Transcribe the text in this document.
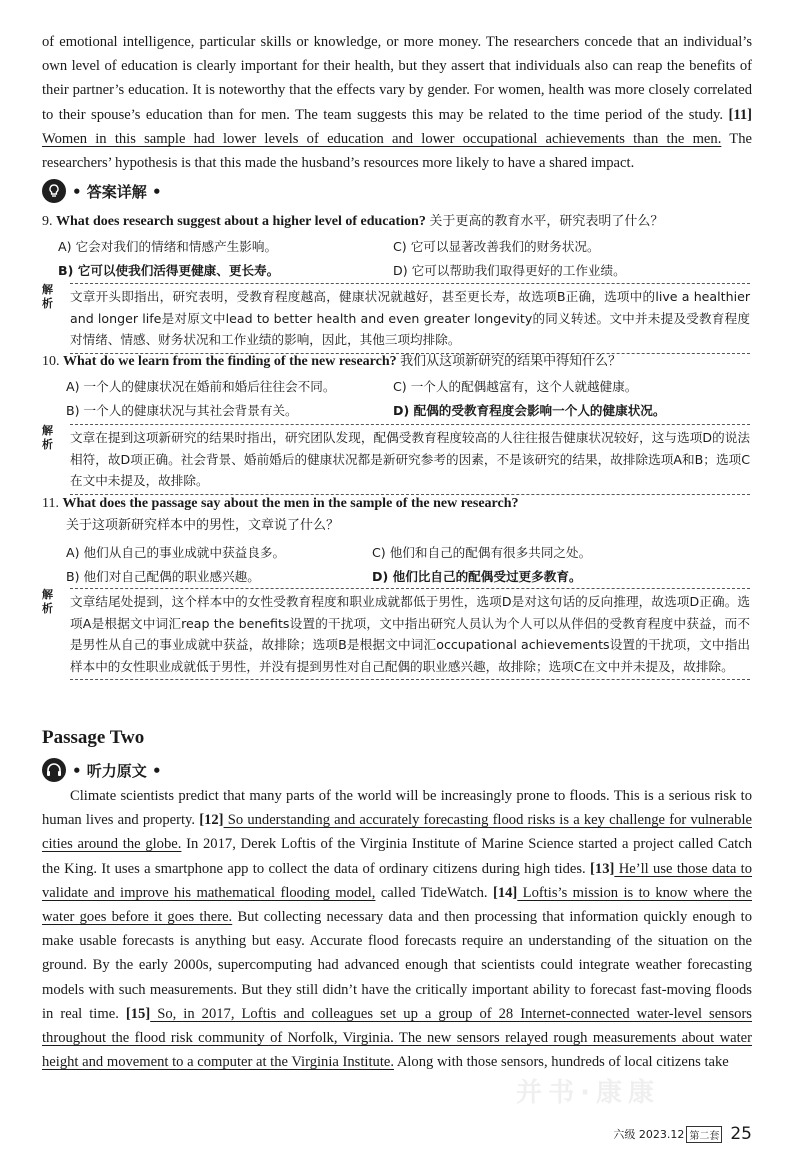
of emotional intelligence, particular skills or knowledge, or more money. The researchers concede that an individual’s own level of education is clearly important for their health, but they assert that individuals also can reap the benefits of their partner’s education. It is noteworthy that the effects vary by gender. For women, health was more closely correlated to their spouse’s education than for men. The team suggests this may be related to the time period of the study. [11] Women in this sample had lower levels of education and lower occupational achievements than the men. The researchers’ hypothesis is that this made the husband’s resources more likely to have a shared impact.
• 答案详解 •
9. What does research suggest about a higher level of education? 关于更高的教育水平，研究表明了什么？
A) 它会对我们的情绪和情感产生影响。	C) 它可以显著改善我们的财务状况。
B) 它可以使我们活得更健康、更长寿。	D) 它可以帮助我们取得更好的工作业绩。
解析	文章开头即指出，研究表明，受教育程度越高，健康状况就越好，甚至更长寿，故选项B正确，选项中的live a healthier and longer life是对原文中lead to better health and even greater longevity的同义转述。文中并未提及受教育程度对情绪、情感、财务状况和工作业绩的影响，因此，其他三项均排除。
10. What do we learn from the finding of the new research? 我们从这项新研究的结果中得知什么？
A) 一个人的健康状况在婚前和婚后往往会不同。	C) 一个人的配偶越富有，这个人就越健康。
B) 一个人的健康状况与其社会背景有关。	D) 配偶的受教育程度会影响一个人的健康状况。
解析	文章在提到这项新研究的结果时指出，研究团队发现，配偶受教育程度较高的人往往报告健康状况较好，这与选项D的说法相符，故D项正确。社会背景、婚前婚后的健康状况都是新研究参考的因素，不是该研究的结果，故排除选项A和B；选项C在文中未提及，故排除。
11. What does the passage say about the men in the sample of the new research?
关于这项新研究样本中的男性，文章说了什么？
A) 他们从自己的事业成就中获益良多。	C) 他们和自己的配偶有很多共同之处。
B) 他们对自己配偶的职业感兴趣。	D) 他们比自己的配偶受过更多教育。
解析	文章结尾处提到，这个样本中的女性受教育程度和职业成就都低于男性，选项D是对这句话的反向推理，故选项D正确。选项A是根据文中词汇reap the benefits设置的干扰项，文中指出研究人员认为个人可以从伴侣的受教育程度中获益，而不是男性从自己的事业成就中获益，故排除；选项B是根据文中词汇occupational achievements设置的干扰项，文中指出样本中的女性职业成就低于男性，并没有提到男性对自己配偶的职业感兴趣，故排除；选项C在文中并未提及，故排除。
Passage Two
• 听力原文 •
Climate scientists predict that many parts of the world will be increasingly prone to floods. This is a serious risk to human lives and property. [12] So understanding and accurately forecasting flood risks is a key challenge for vulnerable cities around the globe. In 2017, Derek Loftis of the Virginia Institute of Marine Science started a project called Catch the King. It uses a smartphone app to collect the data of ordinary citizens during high tides. [13] He’ll use those data to validate and improve his mathematical flooding model, called TideWatch. [14] Loftis’s mission is to know where the water goes before it goes there. But collecting necessary data and then processing that information quickly enough to make usable forecasts is anything but easy. Accurate flood forecasts require an understanding of the situation on the ground. By the early 2000s, supercomputing had advanced enough that scientists could integrate weather forecasting models with such measurements. But they still didn’t have the critically important ability to forecast fast-moving floods in real time. [15] So, in 2017, Loftis and colleagues set up a group of 28 Internet-connected water-level sensors throughout the flood risk community of Norfolk, Virginia. The new sensors relayed rough measurements about water height and movement to a computer at the Virginia Institute. Along with those sensors, hundreds of local citizens take
并书·康康
六级
2023.12 第二套 25
